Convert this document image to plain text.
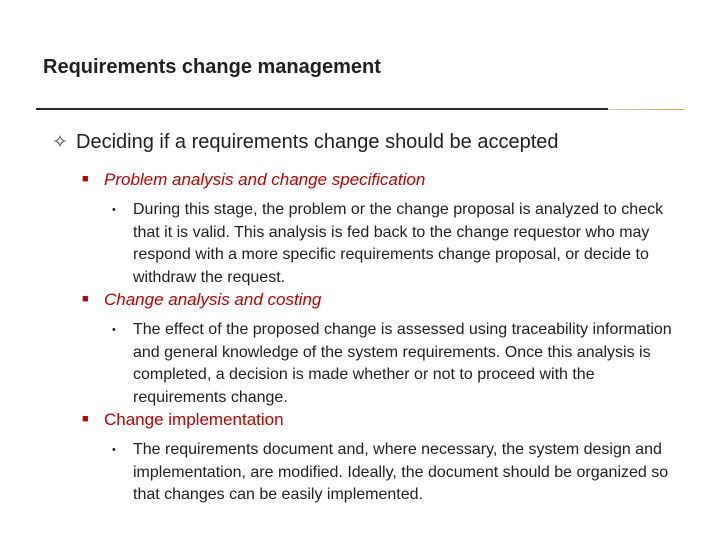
Requirements change management
✧ Deciding if a requirements change should be accepted
■ Problem analysis and change specification
• During this stage, the problem or the change proposal is analyzed to check that it is valid. This analysis is fed back to the change requestor who may respond with a more specific requirements change proposal, or decide to withdraw the request.
■ Change analysis and costing
• The effect of the proposed change is assessed using traceability information and general knowledge of the system requirements. Once this analysis is completed, a decision is made whether or not to proceed with the requirements change.
■ Change implementation
• The requirements document and, where necessary, the system design and implementation, are modified. Ideally, the document should be organized so that changes can be easily implemented.
